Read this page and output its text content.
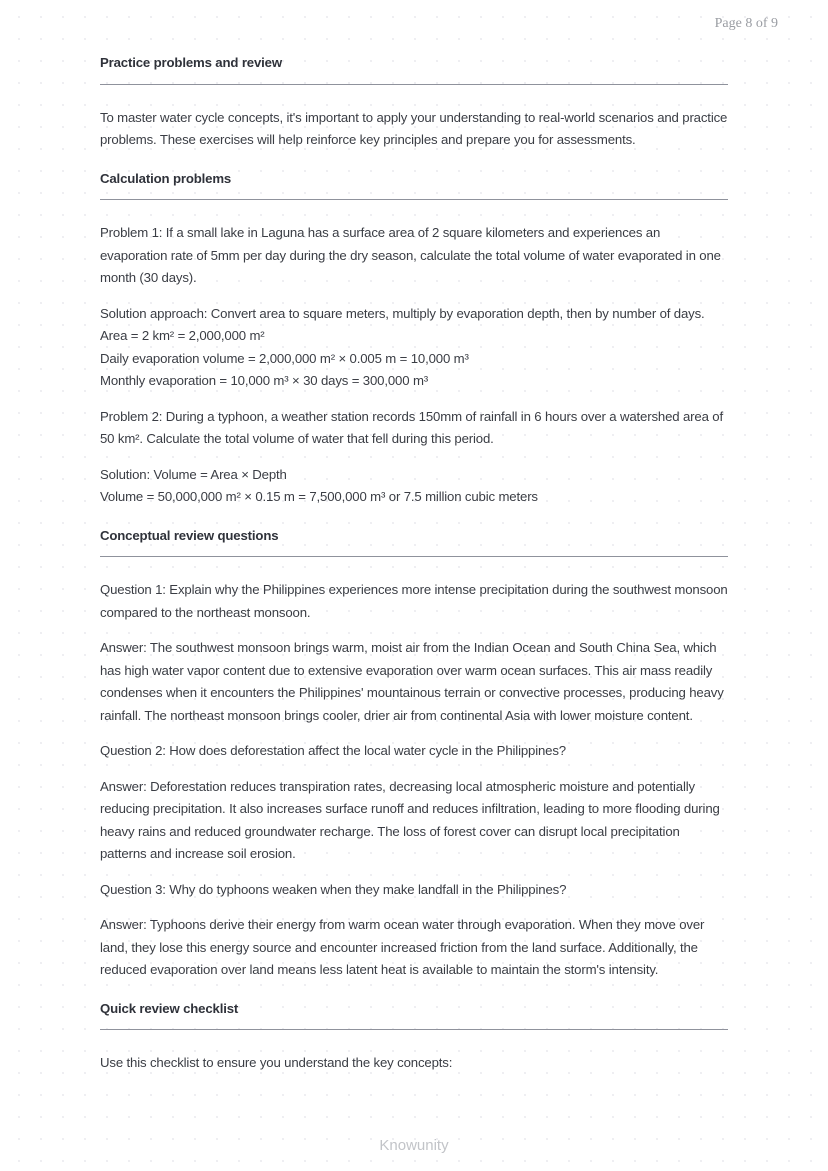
Page 8 of 9
Practice problems and review

To master water cycle concepts, it's important to apply your understanding to real-world scenarios and practice problems. These exercises will help reinforce key principles and prepare you for assessments.

Calculation problems

Problem 1: If a small lake in Laguna has a surface area of 2 square kilometers and experiences an evaporation rate of 5mm per day during the dry season, calculate the total volume of water evaporated in one month (30 days).

Solution approach: Convert area to square meters, multiply by evaporation depth, then by number of days.
Area = 2 km² = 2,000,000 m²
Daily evaporation volume = 2,000,000 m² × 0.005 m = 10,000 m³
Monthly evaporation = 10,000 m³ × 30 days = 300,000 m³

Problem 2: During a typhoon, a weather station records 150mm of rainfall in 6 hours over a watershed area of 50 km². Calculate the total volume of water that fell during this period.

Solution: Volume = Area × Depth
Volume = 50,000,000 m² × 0.15 m = 7,500,000 m³ or 7.5 million cubic meters
Conceptual review questions

Question 1: Explain why the Philippines experiences more intense precipitation during the southwest monsoon compared to the northeast monsoon.

Answer: The southwest monsoon brings warm, moist air from the Indian Ocean and South China Sea, which has high water vapor content due to extensive evaporation over warm ocean surfaces. This air mass readily condenses when it encounters the Philippines' mountainous terrain or convective processes, producing heavy rainfall. The northeast monsoon brings cooler, drier air from continental Asia with lower moisture content.

Question 2: How does deforestation affect the local water cycle in the Philippines?

Answer: Deforestation reduces transpiration rates, decreasing local atmospheric moisture and potentially reducing precipitation. It also increases surface runoff and reduces infiltration, leading to more flooding during heavy rains and reduced groundwater recharge. The loss of forest cover can disrupt local precipitation patterns and increase soil erosion.

Question 3: Why do typhoons weaken when they make landfall in the Philippines?

Answer: Typhoons derive their energy from warm ocean water through evaporation. When they move over land, they lose this energy source and encounter increased friction from the land surface. Additionally, the reduced evaporation over land means less latent heat is available to maintain the storm's intensity.

Quick review checklist

Use this checklist to ensure you understand the key concepts:

Knowunity
